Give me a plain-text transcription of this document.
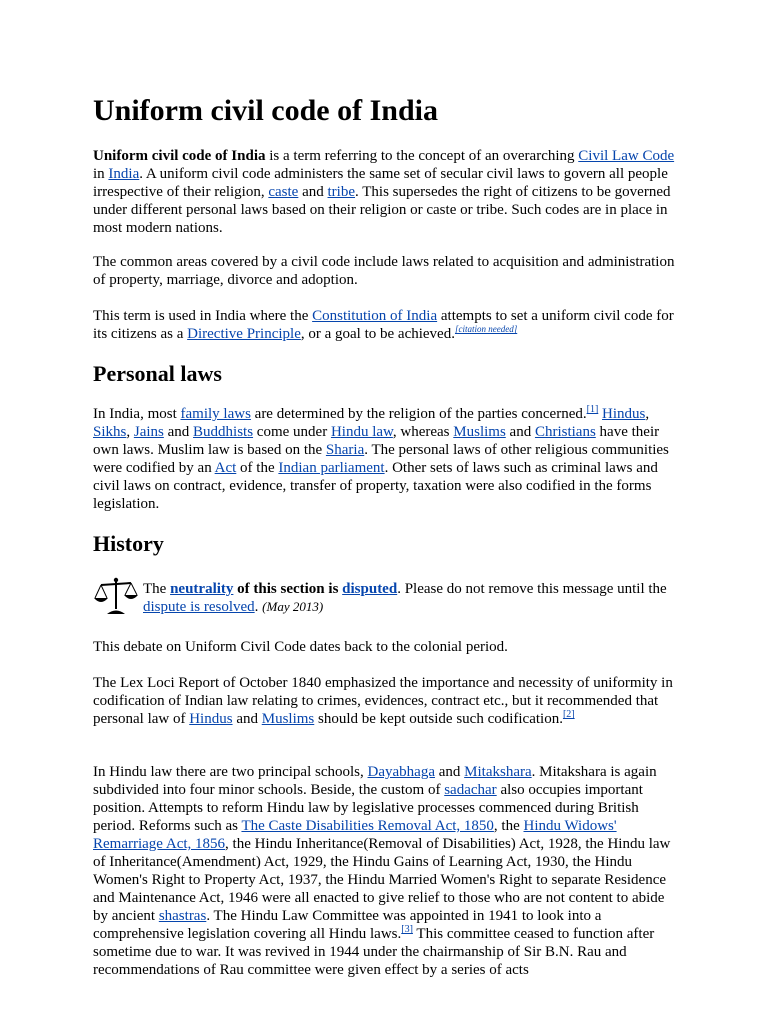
Uniform civil code of India

Uniform civil code of India is a term referring to the concept of an overarching Civil Law Code in India. A uniform civil code administers the same set of secular civil laws to govern all people irrespective of their religion, caste and tribe. This supersedes the right of citizens to be governed under different personal laws based on their religion or caste or tribe. Such codes are in place in most modern nations.

The common areas covered by a civil code include laws related to acquisition and administration of property, marriage, divorce and adoption.

This term is used in India where the Constitution of India attempts to set a uniform civil code for its citizens as a Directive Principle, or a goal to be achieved.[citation needed]

Personal laws

In India, most family laws are determined by the religion of the parties concerned.[1] Hindus, Sikhs, Jains and Buddhists come under Hindu law, whereas Muslims and Christians have their own laws. Muslim law is based on the Sharia. The personal laws of other religious communities were codified by an Act of the Indian parliament. Other sets of laws such as criminal laws and civil laws on contract, evidence, transfer of property, taxation were also codified in the forms legislation.

History
The neutrality of this section is disputed. Please do not remove this message until the dispute is resolved. (May 2013)

This debate on Uniform Civil Code dates back to the colonial period.

The Lex Loci Report of October 1840 emphasized the importance and necessity of uniformity in codification of Indian law relating to crimes, evidences, contract etc., but it recommended that personal law of Hindus and Muslims should be kept outside such codification.[2]

In Hindu law there are two principal schools, Dayabhaga and Mitakshara. Mitakshara is again subdivided into four minor schools. Beside, the custom of sadachar also occupies important position. Attempts to reform Hindu law by legislative processes commenced during British period. Reforms such as The Caste Disabilities Removal Act, 1850, the Hindu Widows' Remarriage Act, 1856, the Hindu Inheritance(Removal of Disabilities) Act, 1928, the Hindu law of Inheritance(Amendment) Act, 1929, the Hindu Gains of Learning Act, 1930, the Hindu Women's Right to Property Act, 1937, the Hindu Married Women's Right to separate Residence and Maintenance Act, 1946 were all enacted to give relief to those who are not content to abide by ancient shastras. The Hindu Law Committee was appointed in 1941 to look into a comprehensive legislation covering all Hindu laws.[3] This committee ceased to function after sometime due to war. It was revived in 1944 under the chairmanship of Sir B.N. Rau and recommendations of Rau committee were given effect by a series of acts
